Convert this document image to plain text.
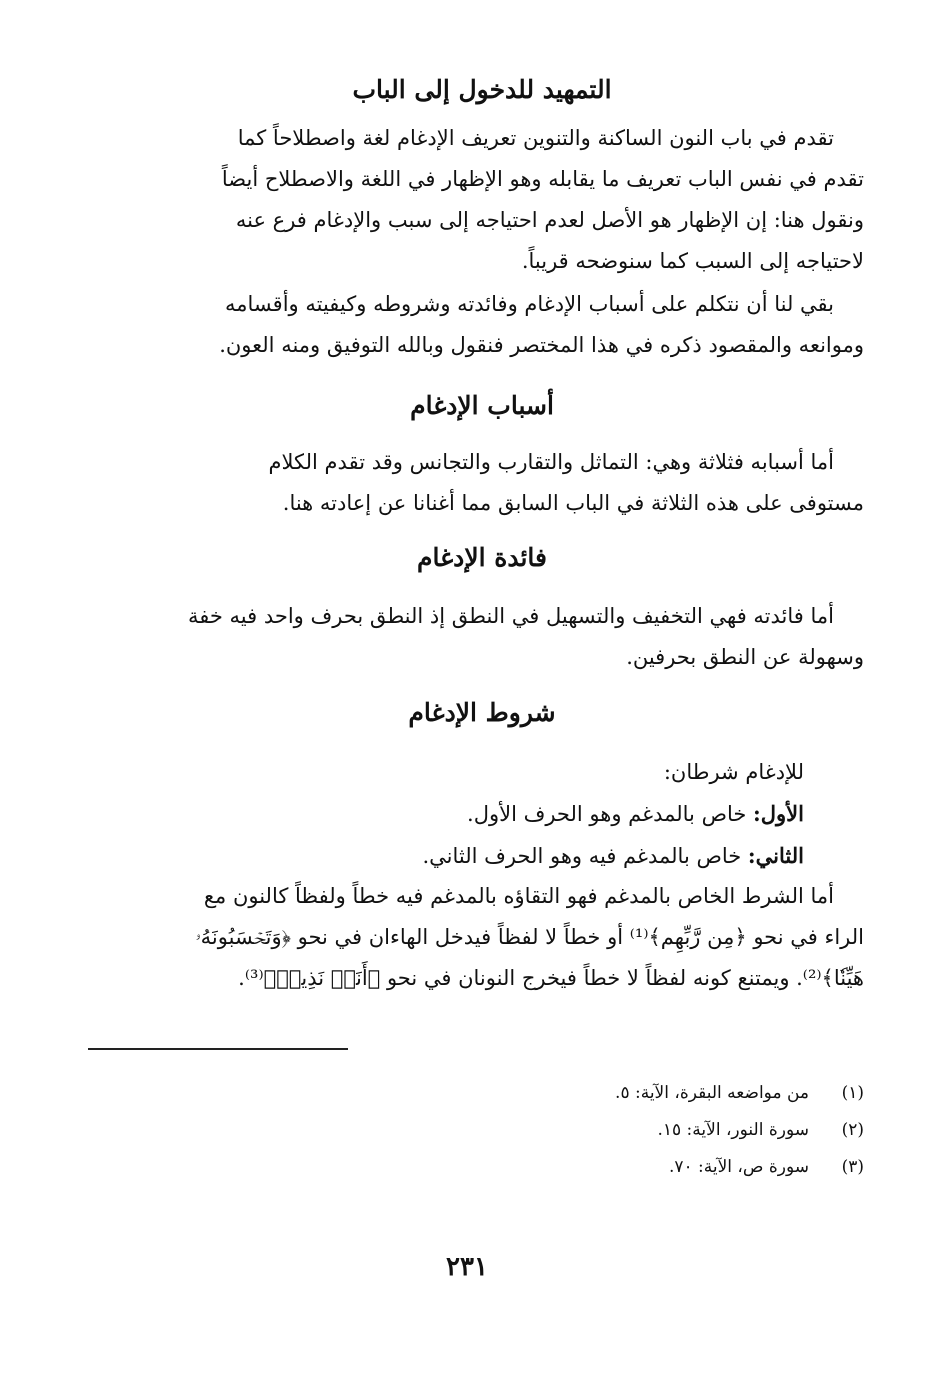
التمهيد للدخول إلى الباب
تقدم في باب النون الساكنة والتنوين تعريف الإدغام لغة واصطلاحاً كما
تقدم في نفس الباب تعريف ما يقابله وهو الإظهار في اللغة والاصطلاح أيضاً
ونقول هنا: إن الإظهار هو الأصل لعدم احتياجه إلى سبب والإدغام فرع عنه
لاحتياجه إلى السبب كما سنوضحه قريباً.
بقي لنا أن نتكلم على أسباب الإدغام وفائدته وشروطه وكيفيته وأقسامه
وموانعه والمقصود ذكره في هذا المختصر فنقول وبالله التوفيق ومنه العون.
أسباب الإدغام
أما أسبابه فثلاثة وهي: التماثل والتقارب والتجانس وقد تقدم الكلام
مستوفى على هذه الثلاثة في الباب السابق مما أغنانا عن إعادته هنا.
فائدة الإدغام
أما فائدته فهي التخفيف والتسهيل في النطق إذ النطق بحرف واحد فيه خفة
وسهولة عن النطق بحرفين.
شروط الإدغام
للإدغام شرطان:
الأول: خاص بالمدغم وهو الحرف الأول.
الثاني: خاص بالمدغم فيه وهو الحرف الثاني.
أما الشرط الخاص بالمدغم فهو التقاؤه بالمدغم فيه خطاً ولفظاً كالنون مع
الراء في نحو ﴿مِن رَّبِّهِم﴾⁽¹⁾ أو خطاً لا لفظاً فيدخل الهاءان في نحو ﴿وَتَحۡسَبُونَهُۥ
هَيِّنٗا﴾⁽²⁾. ويمتنع كونه لفظاً لا خطاً فيخرج النونان في نحو ﴿أَنَا۠ نَذِيرٞ﴾⁽³⁾.
(١)
من مواضعه البقرة، الآية: ٥.
(٢)
سورة النور، الآية: ١٥.
(٣)
سورة ص، الآية: ٧٠.
٢٣١
